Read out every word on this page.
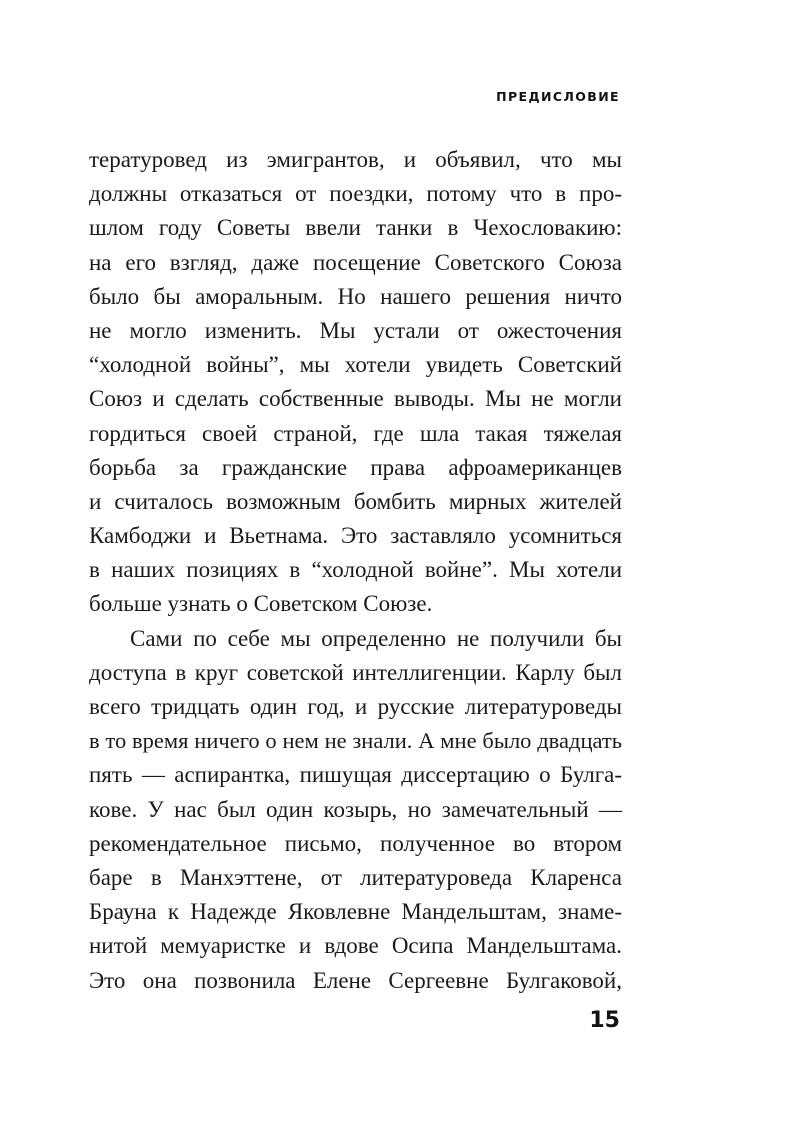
ПРЕДИСЛОВИЕ
тературовед из эмигрантов, и объявил, что мы
должны отказаться от поездки, потому что в про-
шлом году Советы ввели танки в Чехословакию:
на его взгляд, даже посещение Советского Союза
было бы аморальным. Но нашего решения ничто
не могло изменить. Мы устали от ожесточения
“холодной войны”, мы хотели увидеть Советский
Союз и сделать собственные выводы. Мы не могли
гордиться своей страной, где шла такая тяжелая
борьба за гражданские права афроамериканцев
и считалось возможным бомбить мирных жителей
Камбоджи и Вьетнама. Это заставляло усомниться
в наших позициях в “холодной войне”. Мы хотели
больше узнать о Советском Союзе.
Сами по себе мы определенно не получили бы
доступа в круг советской интеллигенции. Карлу был
всего тридцать один год, и русские литературоведы
в то время ничего о нем не знали. А мне было двадцать
пять — аспирантка, пишущая диссертацию о Булга-
кове. У нас был один козырь, но замечательный —
рекомендательное письмо, полученное во втором
баре в Манхэттене, от литературоведа Кларенса
Брауна к Надежде Яковлевне Мандельштам, знаме-
нитой мемуаристке и вдове Осипа Мандельштама.
Это она позвонила Елене Сергеевне Булгаковой,
15
